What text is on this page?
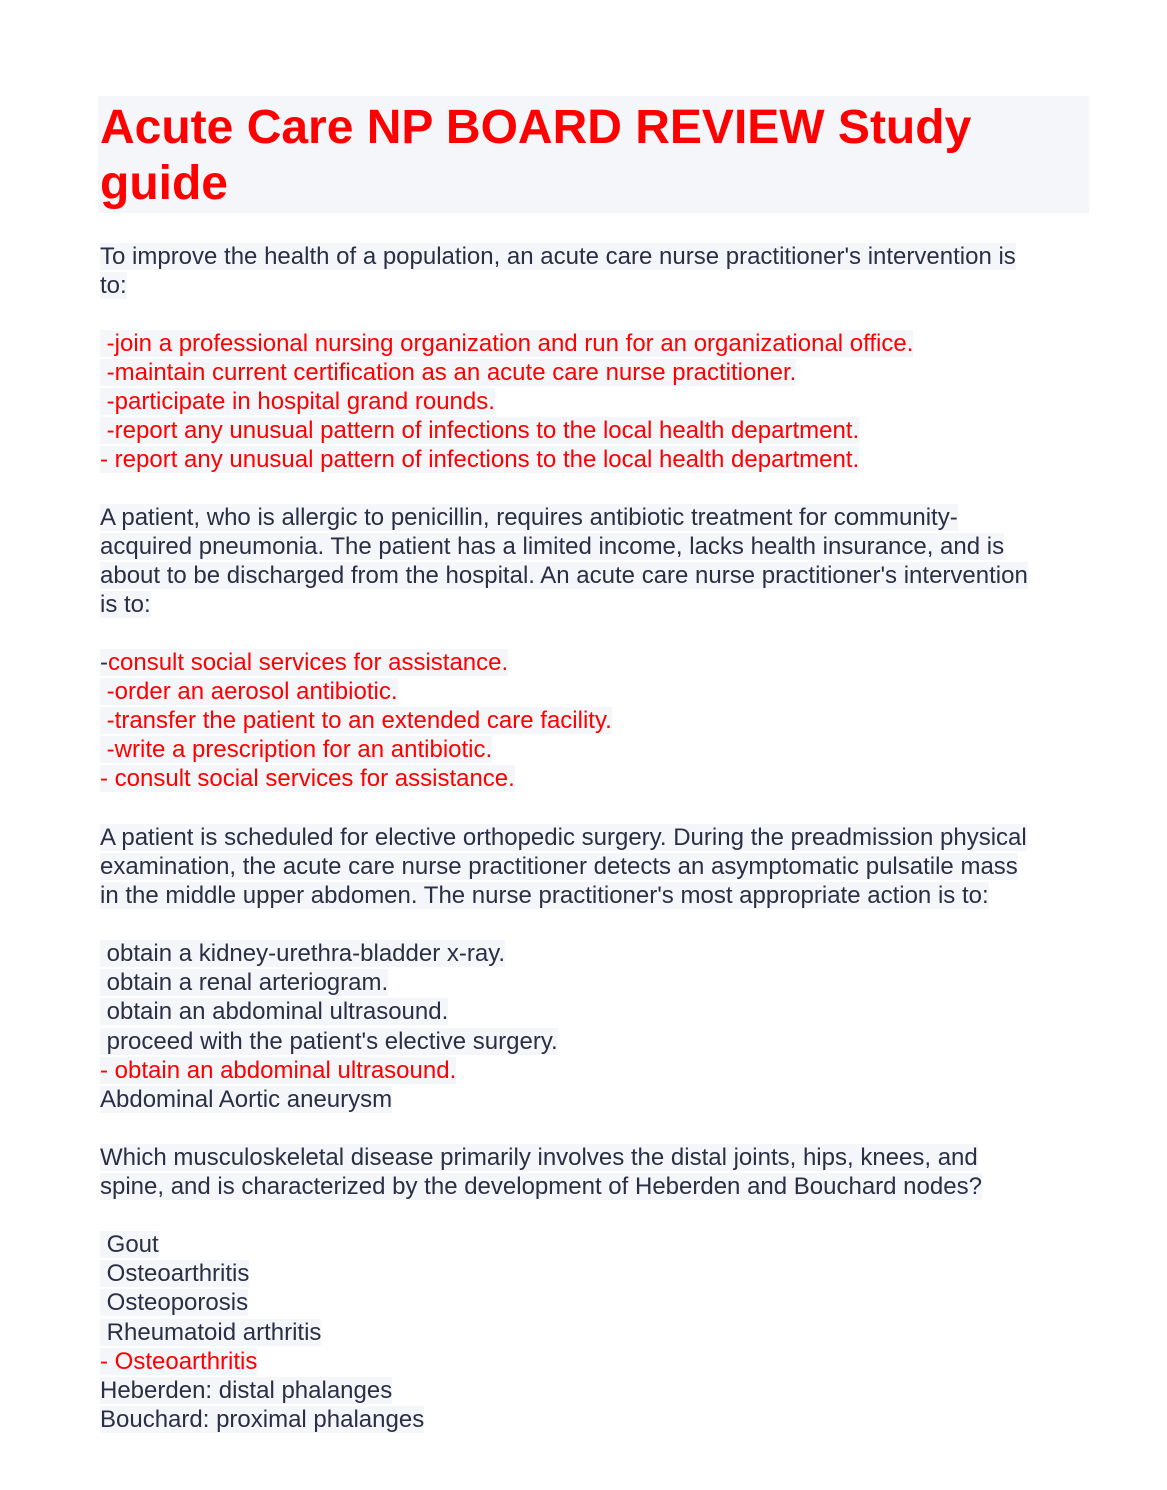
Acute Care NP BOARD REVIEW Study guide
To improve the health of a population, an acute care nurse practitioner's intervention is
to:
-join a professional nursing organization and run for an organizational office.
-maintain current certification as an acute care nurse practitioner.
-participate in hospital grand rounds.
-report any unusual pattern of infections to the local health department.
- report any unusual pattern of infections to the local health department.
A patient, who is allergic to penicillin, requires antibiotic treatment for community-
acquired pneumonia. The patient has a limited income, lacks health insurance, and is
about to be discharged from the hospital. An acute care nurse practitioner's intervention
is to:
-consult social services for assistance.
-order an aerosol antibiotic.
-transfer the patient to an extended care facility.
-write a prescription for an antibiotic.
- consult social services for assistance.
A patient is scheduled for elective orthopedic surgery. During the preadmission physical
examination, the acute care nurse practitioner detects an asymptomatic pulsatile mass
in the middle upper abdomen. The nurse practitioner's most appropriate action is to:
obtain a kidney-urethra-bladder x-ray.
obtain a renal arteriogram.
obtain an abdominal ultrasound.
proceed with the patient's elective surgery.
- obtain an abdominal ultrasound.
Abdominal Aortic aneurysm
Which musculoskeletal disease primarily involves the distal joints, hips, knees, and
spine, and is characterized by the development of Heberden and Bouchard nodes?
Gout
Osteoarthritis
Osteoporosis
Rheumatoid arthritis
- Osteoarthritis
Heberden: distal phalanges
Bouchard: proximal phalanges
